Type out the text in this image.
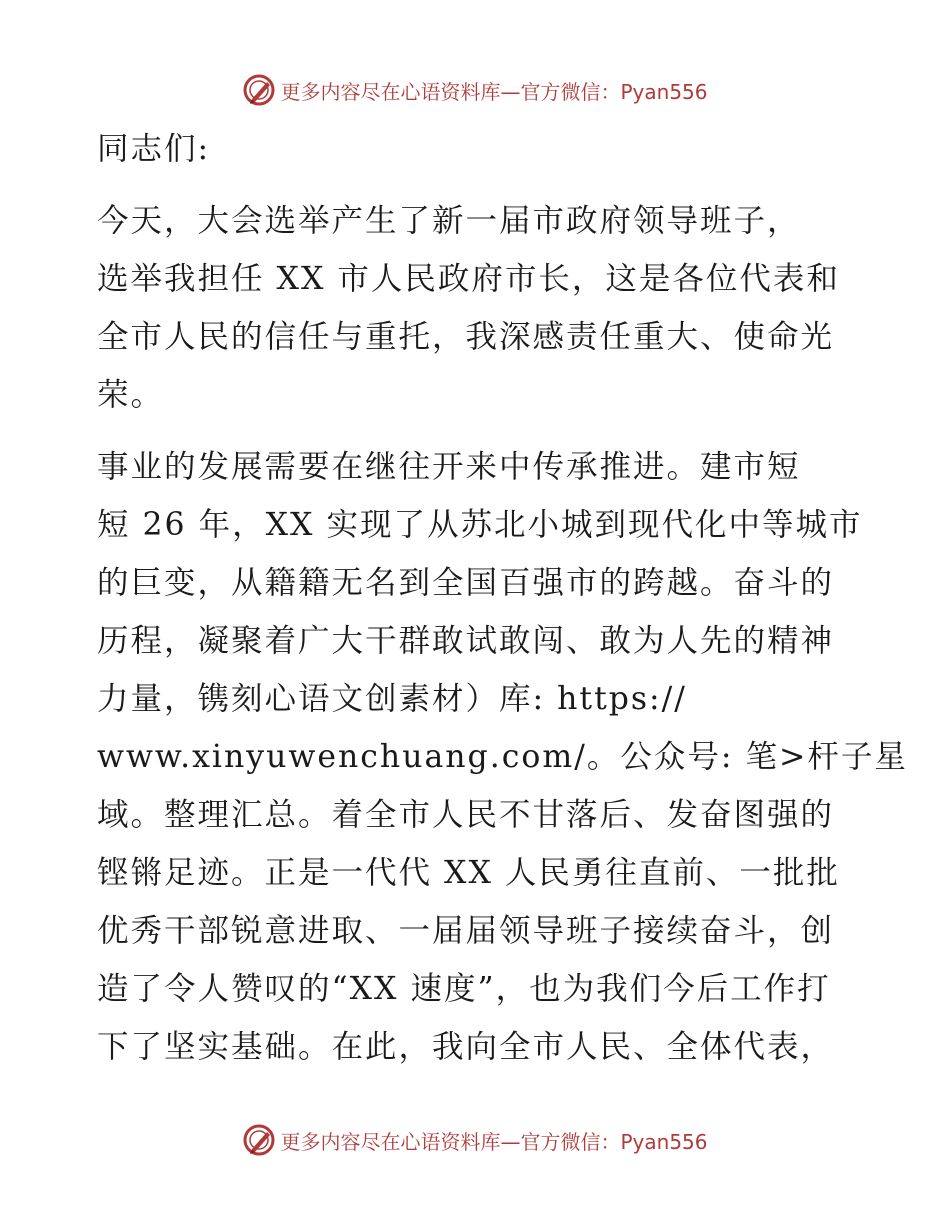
更多内容尽在心语资料库—官方微信：Pyan556
同志们:
今天，大会选举产生了新一届市政府领导班子，
选举我担任 XX 市人民政府市长，这是各位代表和
全市人民的信任与重托，我深感责任重大、使命光
荣。
事业的发展需要在继往开来中传承推进。建市短
短 26 年，XX 实现了从苏北小城到现代化中等城市
的巨变，从籍籍无名到全国百强市的跨越。奋斗的
历程，凝聚着广大干群敢试敢闯、敢为人先的精神
力量，镌刻心语文创素材）库: https://
www.xinyuwenchuang.com/。公众号: 笔>杆子星
域。整理汇总。着全市人民不甘落后、发奋图强的
铿锵足迹。正是一代代 XX 人民勇往直前、一批批
优秀干部锐意进取、一届届领导班子接续奋斗，创
造了令人赞叹的“XX 速度”，也为我们今后工作打
下了坚实基础。在此，我向全市人民、全体代表，
更多内容尽在心语资料库—官方微信：Pyan556
